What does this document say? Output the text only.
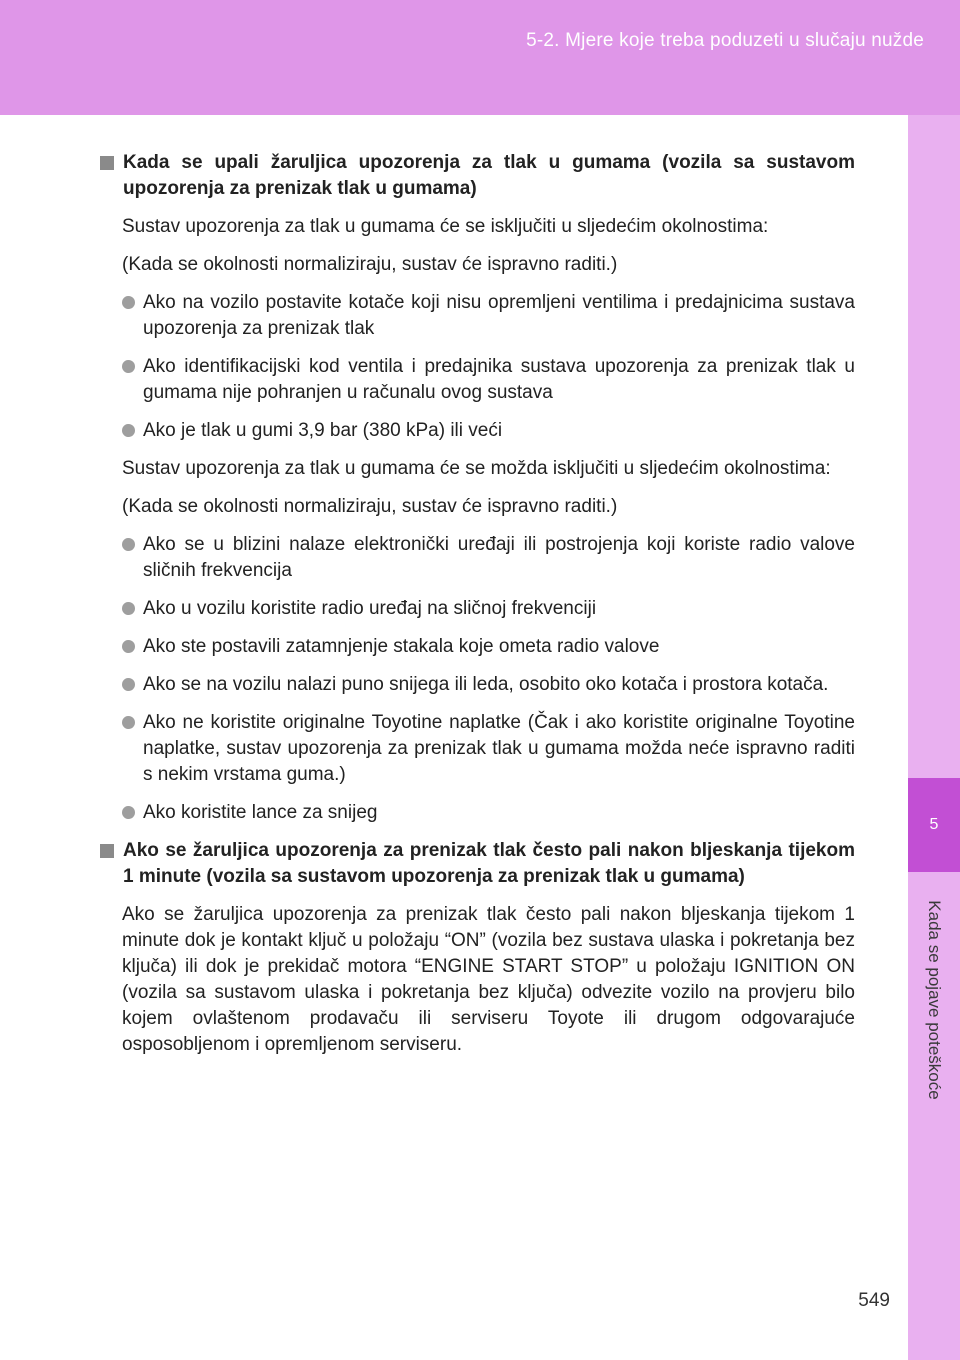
5-2. Mjere koje treba poduzeti u slučaju nužde
5
Kada se pojave poteškoće
Kada se upali žaruljica upozorenja za tlak u gumama (vozila sa sustavom upozorenja za prenizak tlak u gumama)

Sustav upozorenja za tlak u gumama će se isključiti u sljedećim okolnostima:

(Kada se okolnosti normaliziraju, sustav će ispravno raditi.)

Ako na vozilo postavite kotače koji nisu opremljeni ventilima i predajnicima sustava upozorenja za prenizak tlak
Ako identifikacijski kod ventila i predajnika sustava upozorenja za prenizak tlak u gumama nije pohranjen u računalu ovog sustava
Ako je tlak u gumi 3,9 bar (380 kPa) ili veći

Sustav upozorenja za tlak u gumama će se možda isključiti u sljedećim okolnostima:

(Kada se okolnosti normaliziraju, sustav će ispravno raditi.)

Ako se u blizini nalaze elektronički uređaji ili postrojenja koji koriste radio valove sličnih frekvencija
Ako u vozilu koristite radio uređaj na sličnoj frekvenciji
Ako ste postavili zatamnjenje stakala koje ometa radio valove
Ako se na vozilu nalazi puno snijega ili leda, osobito oko kotača i prostora kotača.
Ako ne koristite originalne Toyotine naplatke (Čak i ako koristite originalne Toyotine naplatke, sustav upozorenja za prenizak tlak u gumama možda neće ispravno raditi s nekim vrstama guma.)
Ako koristite lance za snijeg
Ako se žaruljica upozorenja za prenizak tlak često pali nakon bljeskanja tijekom 1 minute (vozila sa sustavom upozorenja za prenizak tlak u gumama)

Ako se žaruljica upozorenja za prenizak tlak često pali nakon bljeskanja tijekom 1 minute dok je kontakt ključ u položaju “ON” (vozila bez sustava ulaska i pokretanja bez ključa) ili dok je prekidač motora “ENGINE START STOP” u položaju IGNITION ON (vozila sa sustavom ulaska i pokretanja bez ključa) odvezite vozilo na provjeru bilo kojem ovlaštenom prodavaču ili serviseru Toyote ili drugom odgovarajuće osposobljenom i opremljenom serviseru.

549
